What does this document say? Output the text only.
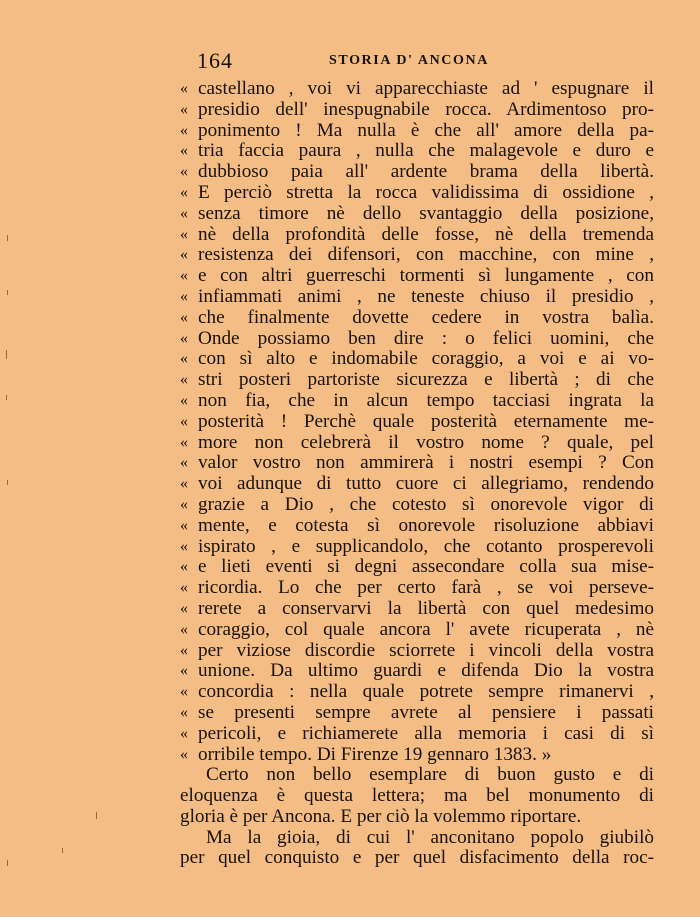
164	STORIA D' ANCONA
« castellano , voi vi apparecchiaste ad ' espugnare il
« presidio dell' inespugnabile rocca. Ardimentoso pro-
« ponimento ! Ma nulla è che all' amore della pa-
« tria faccia paura , nulla che malagevole e duro e
« dubbioso paia all' ardente brama della libertà.
« E perciò stretta la rocca validissima di ossidione ,
« senza timore nè dello svantaggio della posizione,
« nè della profondità delle fosse, nè della tremenda
« resistenza dei difensori, con macchine, con mine ,
« e con altri guerreschi tormenti sì lungamente , con
« infiammati animi , ne teneste chiuso il presidio ,
« che finalmente dovette cedere in vostra balìa.
« Onde possiamo ben dire : o felici uomini, che
« con sì alto e indomabile coraggio, a voi e ai vo-
« stri posteri partoriste sicurezza e libertà ; di che
« non fia, che in alcun tempo tacciasi ingrata la
« posterità ! Perchè quale posterità eternamente me-
« more non celebrerà il vostro nome ? quale, pel
« valor vostro non ammirerà i nostri esempi ? Con
« voi adunque di tutto cuore ci allegriamo, rendendo
« grazie a Dio , che cotesto sì onorevole vigor di
« mente, e cotesta sì onorevole risoluzione abbiavi
« ispirato , e supplicandolo, che cotanto prosperevoli
« e lieti eventi si degni assecondare colla sua mise-
« ricordia. Lo che per certo farà , se voi perseve-
« rerete a conservarvi la libertà con quel medesimo
« coraggio, col quale ancora l' avete ricuperata , nè
« per viziose discordie sciorrete i vincoli della vostra
« unione. Da ultimo guardi e difenda Dio la vostra
« concordia : nella quale potrete sempre rimanervi ,
« se presenti sempre avrete al pensiere i passati
« pericoli, e richiamerete alla memoria i casi di sì
« orribile tempo. Di Firenze 19 gennaro 1383. »
Certo non bello esemplare di buon gusto e di
eloquenza è questa lettera; ma bel monumento di
gloria è per Ancona. E per ciò la volemmo riportare.
Ma la gioia, di cui l' anconitano popolo giubilò
per quel conquisto e per quel disfacimento della roc-
